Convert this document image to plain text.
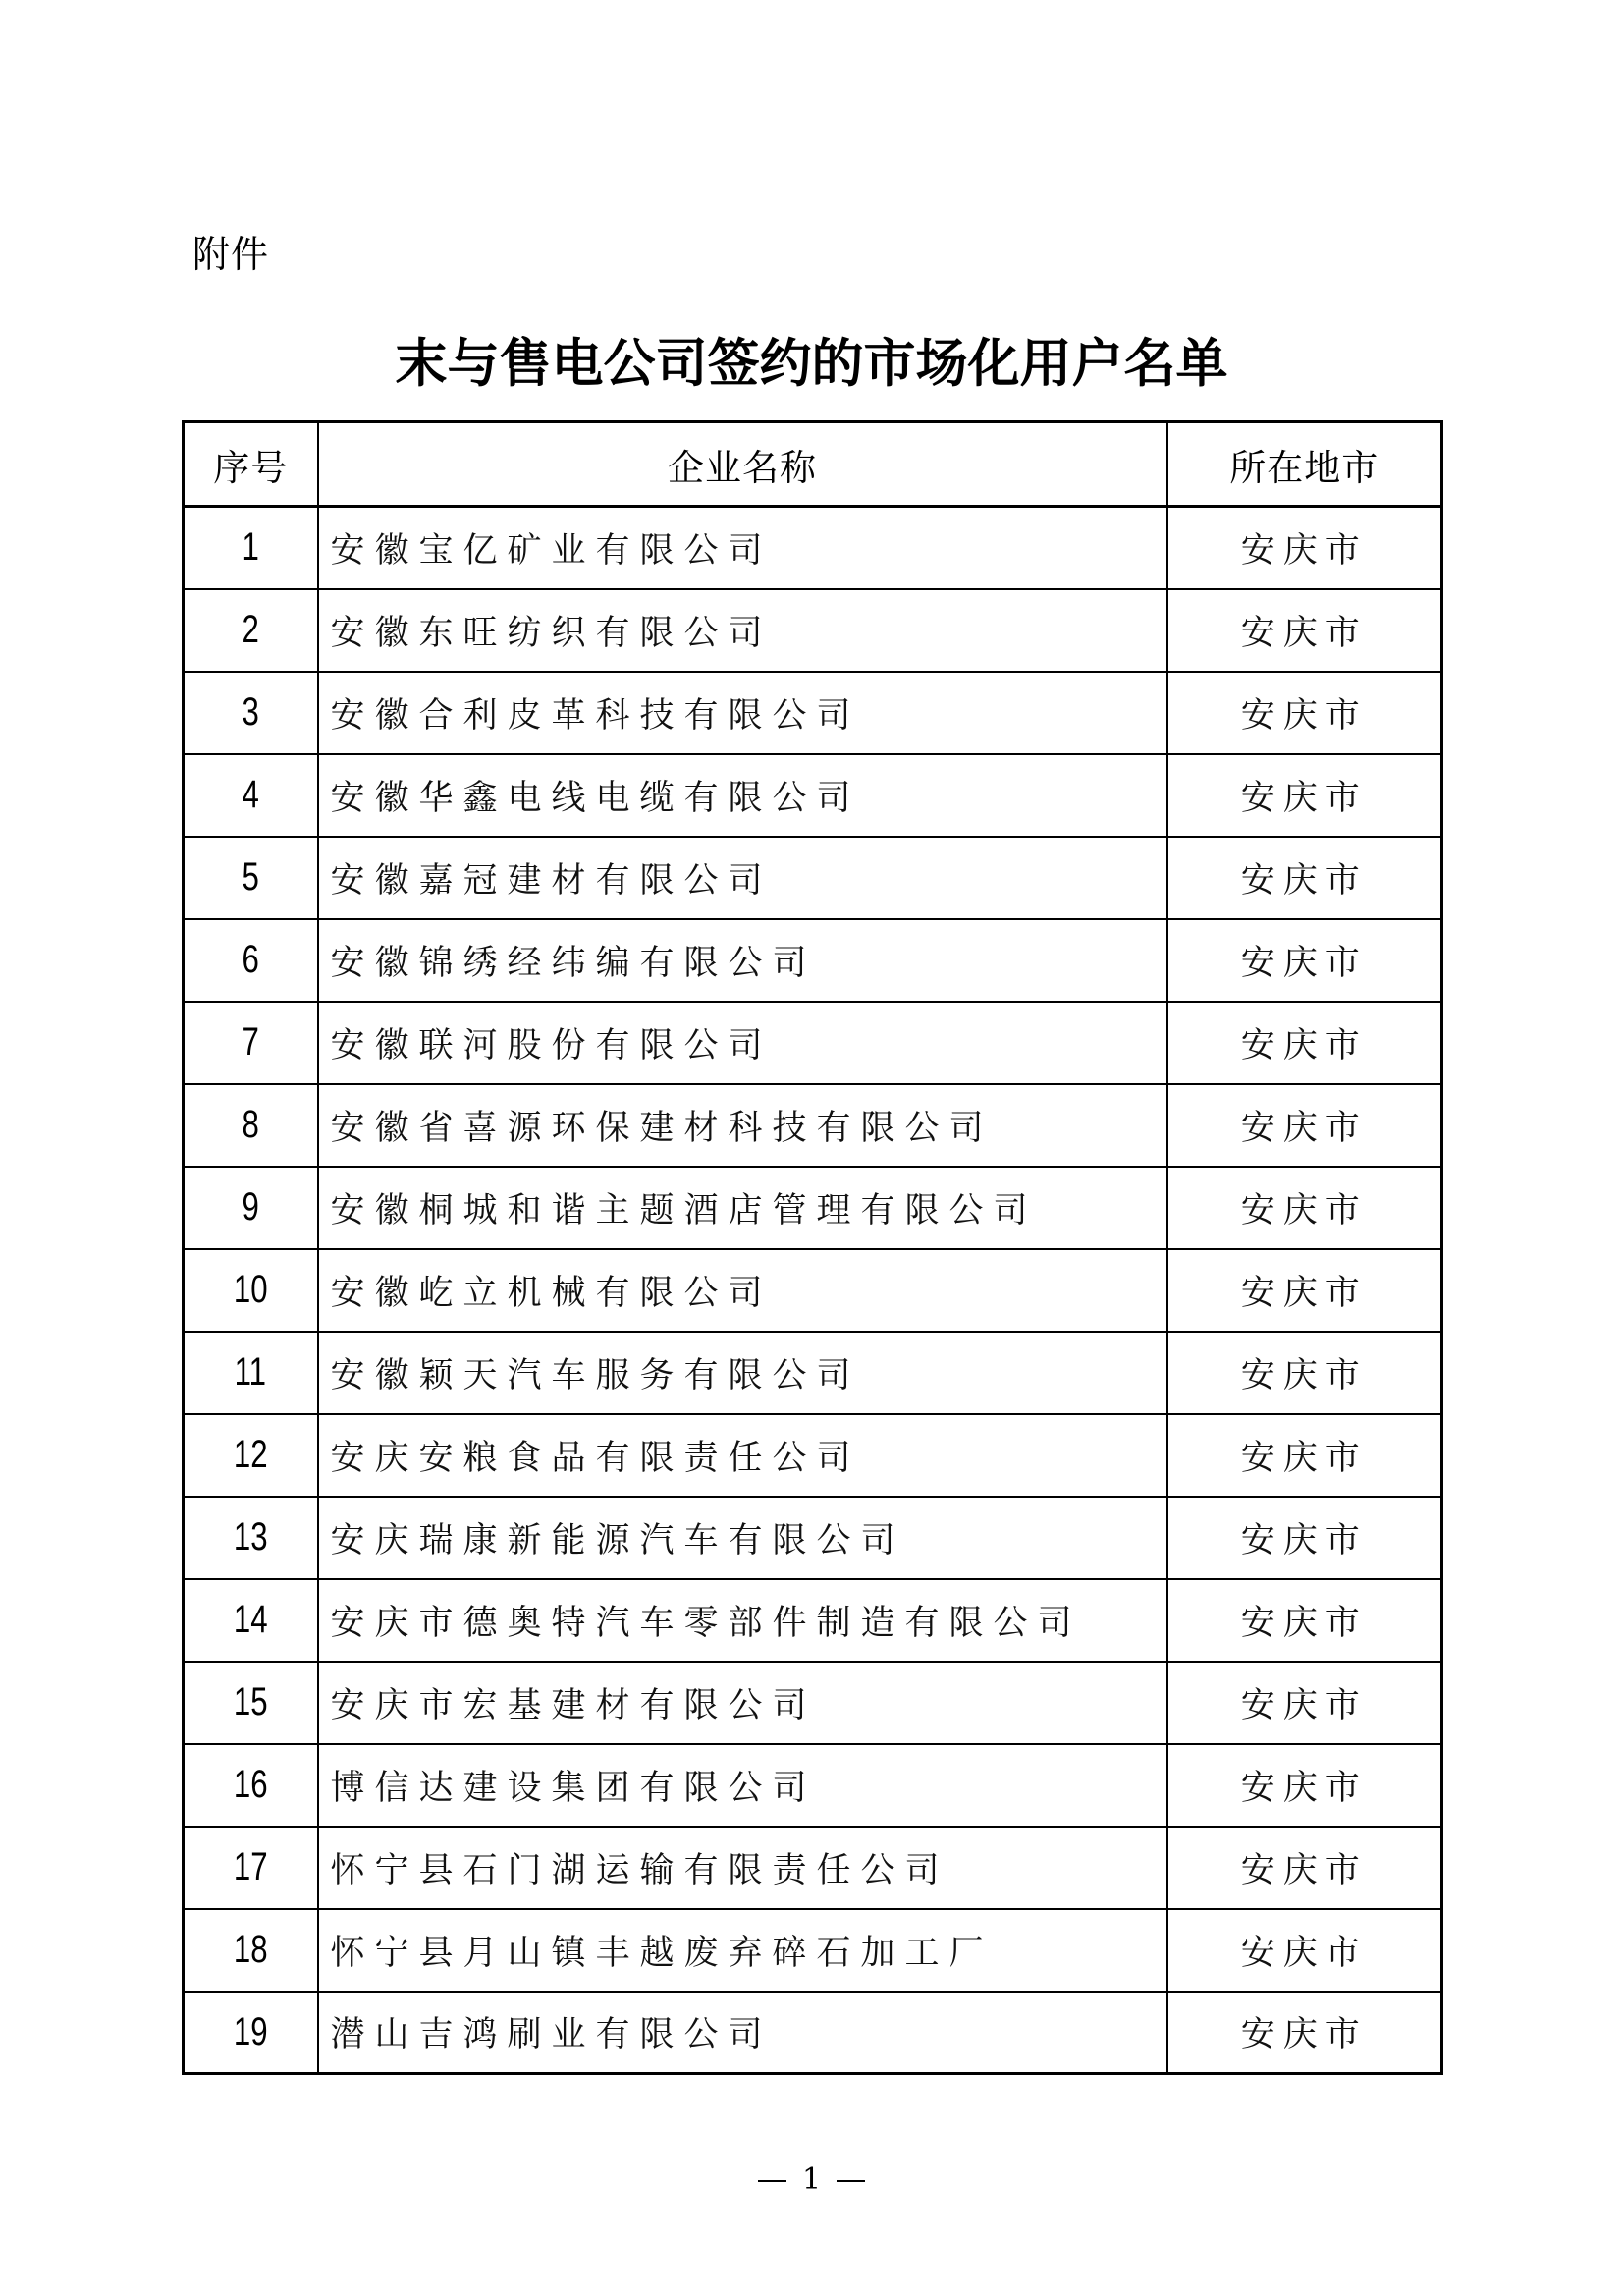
附件
末与售电公司签约的市场化用户名单
序号	企业名称	所在地市
1	安徽宝亿矿业有限公司	安庆市
2	安徽东旺纺织有限公司	安庆市
3	安徽合利皮革科技有限公司	安庆市
4	安徽华鑫电线电缆有限公司	安庆市
5	安徽嘉冠建材有限公司	安庆市
6	安徽锦绣经纬编有限公司	安庆市
7	安徽联河股份有限公司	安庆市
8	安徽省喜源环保建材科技有限公司	安庆市
9	安徽桐城和谐主题酒店管理有限公司	安庆市
10	安徽屹立机械有限公司	安庆市
11	安徽颖天汽车服务有限公司	安庆市
12	安庆安粮食品有限责任公司	安庆市
13	安庆瑞康新能源汽车有限公司	安庆市
14	安庆市德奥特汽车零部件制造有限公司	安庆市
15	安庆市宏基建材有限公司	安庆市
16	博信达建设集团有限公司	安庆市
17	怀宁县石门湖运输有限责任公司	安庆市
18	怀宁县月山镇丰越废弃碎石加工厂	安庆市
19	潜山吉鸿刷业有限公司	安庆市
1
